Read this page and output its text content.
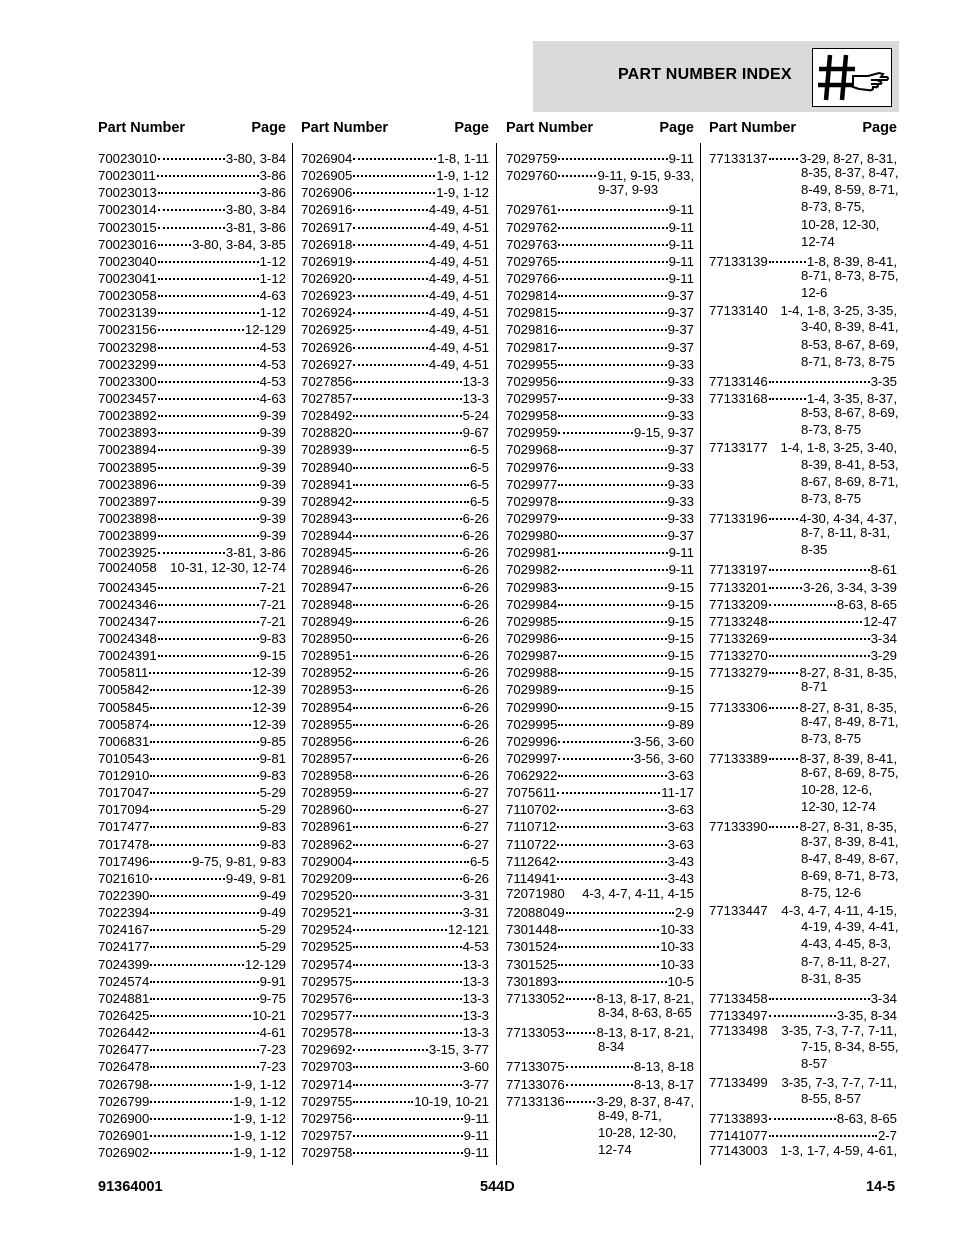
PART NUMBER INDEX
Part Number	Page
70023010	3-80, 3-84
70023011	3-86
70023013	3-86
70023014	3-80, 3-84
70023015	3-81, 3-86
70023016	3-80, 3-84, 3-85
70023040	1-12
70023041	1-12
70023058	4-63
70023139	1-12
70023156	12-129
70023298	4-53
70023299	4-53
70023300	4-53
70023457	4-63
70023892	9-39
70023893	9-39
70023894	9-39
70023895	9-39
70023896	9-39
70023897	9-39
70023898	9-39
70023899	9-39
70023925	3-81, 3-86
70024058 10-31, 12-30, 12-74
70024345	7-21
70024346	7-21
70024347	7-21
70024348	9-83
70024391	9-15
7005811	12-39
7005842	12-39
7005845	12-39
7005874	12-39
7006831	9-85
7010543	9-81
7012910	9-83
7017047	5-29
7017094	5-29
7017477	9-83
7017478	9-83
7017496	9-75, 9-81, 9-83
7021610	9-49, 9-81
7022390	9-49
7022394	9-49
7024167	5-29
7024177	5-29
7024399	12-129
7024574	9-91
7024881	9-75
7026425	10-21
7026442	4-61
7026477	7-23
7026478	7-23
7026798	1-9, 1-12
7026799	1-9, 1-12
7026900	1-9, 1-12
7026901	1-9, 1-12
7026902	1-9, 1-12
Part Number	Page
7026904	1-8, 1-11
7026905	1-9, 1-12
7026906	1-9, 1-12
7026916	4-49, 4-51
7026917	4-49, 4-51
7026918	4-49, 4-51
7026919	4-49, 4-51
7026920	4-49, 4-51
7026923	4-49, 4-51
7026924	4-49, 4-51
7026925	4-49, 4-51
7026926	4-49, 4-51
7026927	4-49, 4-51
7027856	13-3
7027857	13-3
7028492	5-24
7028820	9-67
7028939	6-5
7028940	6-5
7028941	6-5
7028942	6-5
7028943	6-26
7028944	6-26
7028945	6-26
7028946	6-26
7028947	6-26
7028948	6-26
7028949	6-26
7028950	6-26
7028951	6-26
7028952	6-26
7028953	6-26
7028954	6-26
7028955	6-26
7028956	6-26
7028957	6-26
7028958	6-26
7028959	6-27
7028960	6-27
7028961	6-27
7028962	6-27
7029004	6-5
7029209	6-26
7029520	3-31
7029521	3-31
7029524	12-121
7029525	4-53
7029574	13-3
7029575	13-3
7029576	13-3
7029577	13-3
7029578	13-3
7029692	3-15, 3-77
7029703	3-60
7029714	3-77
7029755	10-19, 10-21
7029756	9-11
7029757	9-11
7029758	9-11
Part Number	Page
7029759	9-11
7029760	9-11, 9-15, 9-33,
9-37, 9-93
7029761	9-11
7029762	9-11
7029763	9-11
7029765	9-11
7029766	9-11
7029814	9-37
7029815	9-37
7029816	9-37
7029817	9-37
7029955	9-33
7029956	9-33
7029957	9-33
7029958	9-33
7029959	9-15, 9-37
7029968	9-37
7029976	9-33
7029977	9-33
7029978	9-33
7029979	9-33
7029980	9-37
7029981	9-11
7029982	9-11
7029983	9-15
7029984	9-15
7029985	9-15
7029986	9-15
7029987	9-15
7029988	9-15
7029989	9-15
7029990	9-15
7029995	9-89
7029996	3-56, 3-60
7029997	3-56, 3-60
7062922	3-63
7075611	11-17
7110702	3-63
7110712	3-63
7110722	3-63
7112642	3-43
7114941	3-43
72071980 4-3, 4-7, 4-11, 4-15
72088049	2-9
7301448	10-33
7301524	10-33
7301525	10-33
7301893	10-5
77133052 8-13, 8-17, 8-21,
8-34, 8-63, 8-65
77133053 8-13, 8-17, 8-21,
8-34
77133075	8-13, 8-18
77133076	8-13, 8-17
77133136 3-29, 8-37, 8-47,
8-49, 8-71,
10-28, 12-30,
12-74
Part Number	Page
77133137 3-29, 8-27, 8-31,
8-35, 8-37, 8-47,
8-49, 8-59, 8-71,
8-73, 8-75,
10-28, 12-30,
12-74
77133139	1-8, 8-39, 8-41,
8-71, 8-73, 8-75,
12-6
77133140 1-4, 1-8, 3-25, 3-35,
3-40, 8-39, 8-41,
8-53, 8-67, 8-69,
8-71, 8-73, 8-75
77133146	3-35
77133168	1-4, 3-35, 8-37,
8-53, 8-67, 8-69,
8-73, 8-75
77133177 1-4, 1-8, 3-25, 3-40,
8-39, 8-41, 8-53,
8-67, 8-69, 8-71,
8-73, 8-75
77133196 4-30, 4-34, 4-37,
8-7, 8-11, 8-31,
8-35
77133197	8-61
77133201	3-26, 3-34, 3-39
77133209	8-63, 8-65
77133248	12-47
77133269	3-34
77133270	3-29
77133279 8-27, 8-31, 8-35,
8-71
77133306 8-27, 8-31, 8-35,
8-47, 8-49, 8-71,
8-73, 8-75
77133389 8-37, 8-39, 8-41,
8-67, 8-69, 8-75,
10-28, 12-6,
12-30, 12-74
77133390 8-27, 8-31, 8-35,
8-37, 8-39, 8-41,
8-47, 8-49, 8-67,
8-69, 8-71, 8-73,
8-75, 12-6
77133447 4-3, 4-7, 4-11, 4-15,
4-19, 4-39, 4-41,
4-43, 4-45, 8-3,
8-7, 8-11, 8-27,
8-31, 8-35
77133458	3-34
77133497	3-35, 8-34
77133498 3-35, 7-3, 7-7, 7-11,
7-15, 8-34, 8-55,
8-57
77133499 3-35, 7-3, 7-7, 7-11,
8-55, 8-57
77133893	8-63, 8-65
77141077	2-7
77143003 1-3, 1-7, 4-59, 4-61,
91364001	544D	14-5
